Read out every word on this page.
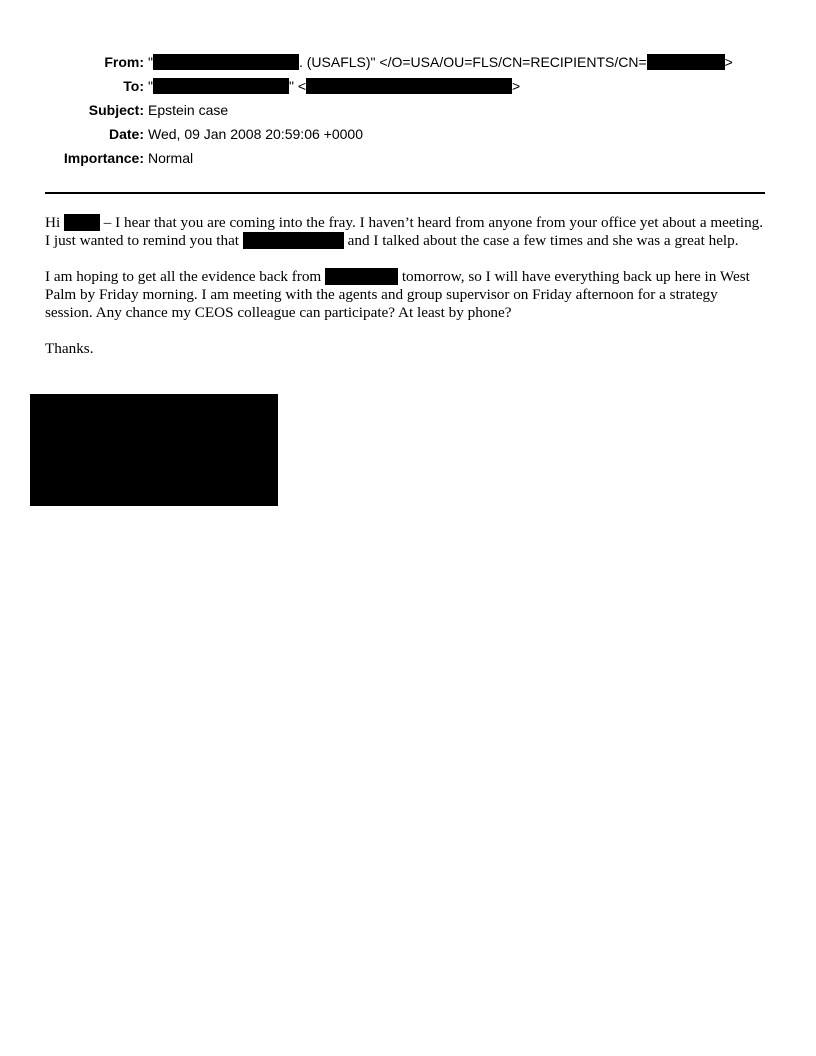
From: "	. (USAFLS)" </O=USA/OU=FLS/CN=RECIPIENTS/CN=	>
To: "	" <	>
Subject: Epstein case
Date: Wed, 09 Jan 2008 20:59:06 +0000
Importance: Normal

Hi  – I hear that you are coming into the fray. I haven’t heard from anyone from your office yet about a meeting. I just wanted to remind you that	and I talked about the case a few times and she was a great help.

I am hoping to get all the evidence back from	tomorrow, so I will have everything back up here in West Palm by Friday morning. I am meeting with the agents and group supervisor on Friday afternoon for a strategy session. Any chance my CEOS colleague can participate? At least by phone?

Thanks.
